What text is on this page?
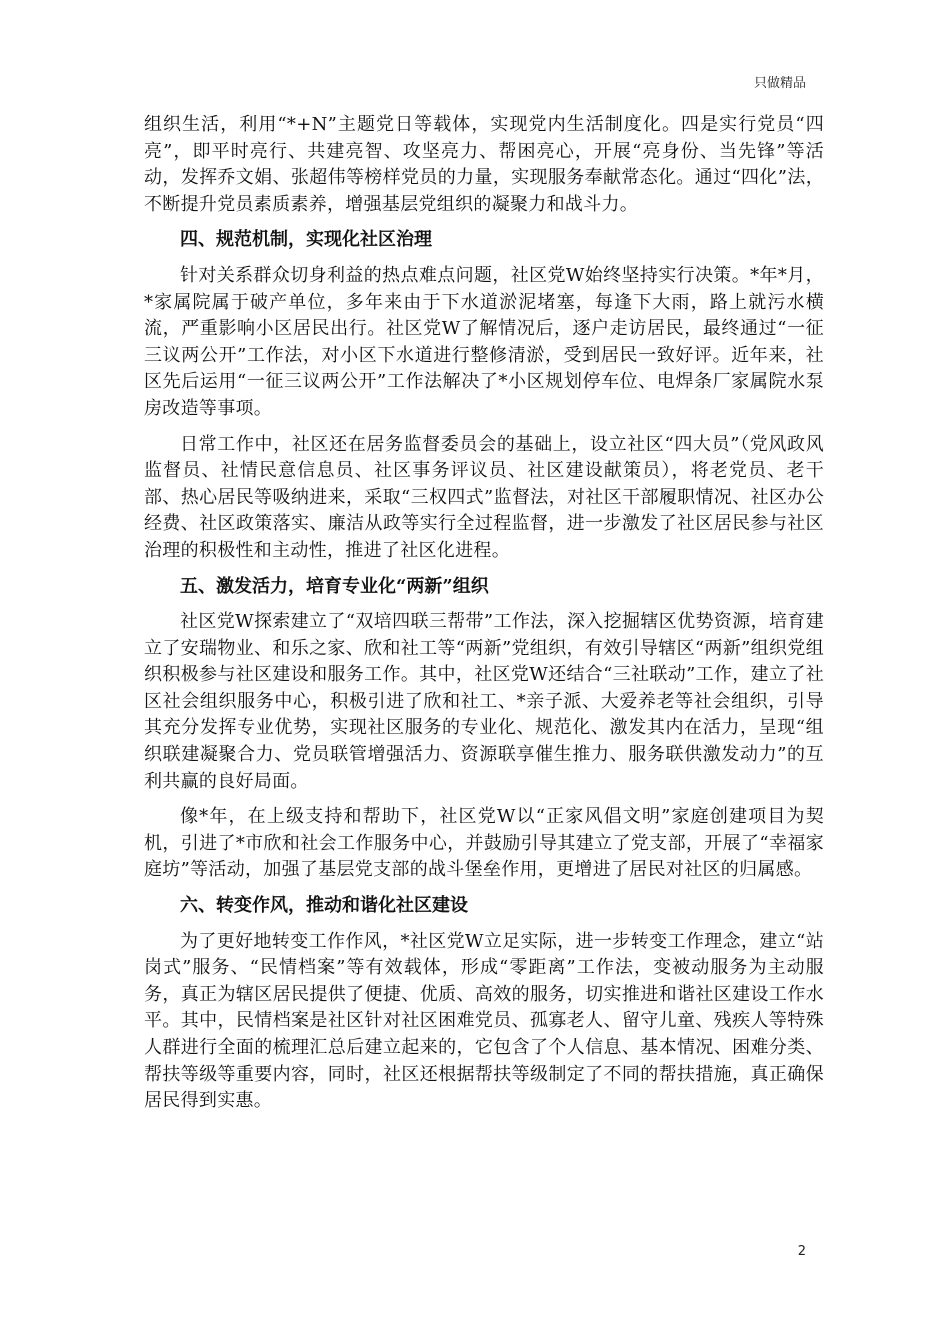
只做精品

组织生活，利用“*+N”主题党日等载体，实现党内生活制度化。四是实行党员“四亮”，即平时亮行、共建亮智、攻坚亮力、帮困亮心，开展“亮身份、当先锋”等活动，发挥乔文娟、张超伟等榜样党员的力量，实现服务奉献常态化。通过“四化”法，不断提升党员素质素养，增强基层党组织的凝聚力和战斗力。

四、规范机制，实现化社区治理

针对关系群众切身利益的热点难点问题，社区党W始终坚持实行决策。*年*月，*家属院属于破产单位，多年来由于下水道淤泥堵塞，每逢下大雨，路上就污水横流，严重影响小区居民出行。社区党W了解情况后，逐户走访居民，最终通过“一征三议两公开”工作法，对小区下水道进行整修清淤，受到居民一致好评。近年来，社区先后运用“一征三议两公开”工作法解决了*小区规划停车位、电焊条厂家属院水泵房改造等事项。

日常工作中，社区还在居务监督委员会的基础上，设立社区“四大员”（党风政风监督员、社情民意信息员、社区事务评议员、社区建设献策员），将老党员、老干部、热心居民等吸纳进来，采取“三权四式”监督法，对社区干部履职情况、社区办公经费、社区政策落实、廉洁从政等实行全过程监督，进一步激发了社区居民参与社区治理的积极性和主动性，推进了社区化进程。

五、激发活力，培育专业化“两新”组织

社区党W探索建立了“双培四联三帮带”工作法，深入挖掘辖区优势资源，培育建立了安瑞物业、和乐之家、欣和社工等“两新”党组织，有效引导辖区“两新”组织党组织积极参与社区建设和服务工作。其中，社区党W还结合“三社联动”工作，建立了社区社会组织服务中心，积极引进了欣和社工、*亲子派、大爱养老等社会组织，引导其充分发挥专业优势，实现社区服务的专业化、规范化、激发其内在活力，呈现“组织联建凝聚合力、党员联管增强活力、资源联享催生推力、服务联供激发动力”的互利共赢的良好局面。

像*年，在上级支持和帮助下，社区党W以“正家风倡文明”家庭创建项目为契机，引进了*市欣和社会工作服务中心，并鼓励引导其建立了党支部，开展了“幸福家庭坊”等活动，加强了基层党支部的战斗堡垒作用，更增进了居民对社区的归属感。

六、转变作风，推动和谐化社区建设

为了更好地转变工作作风，*社区党W立足实际，进一步转变工作理念，建立“站岗式”服务、“民情档案”等有效载体，形成“零距离”工作法，变被动服务为主动服务，真正为辖区居民提供了便捷、优质、高效的服务，切实推进和谐社区建设工作水平。其中，民情档案是社区针对社区困难党员、孤寡老人、留守儿童、残疾人等特殊人群进行全面的梳理汇总后建立起来的，它包含了个人信息、基本情况、困难分类、帮扶等级等重要内容，同时，社区还根据帮扶等级制定了不同的帮扶措施，真正确保居民得到实惠。

2
